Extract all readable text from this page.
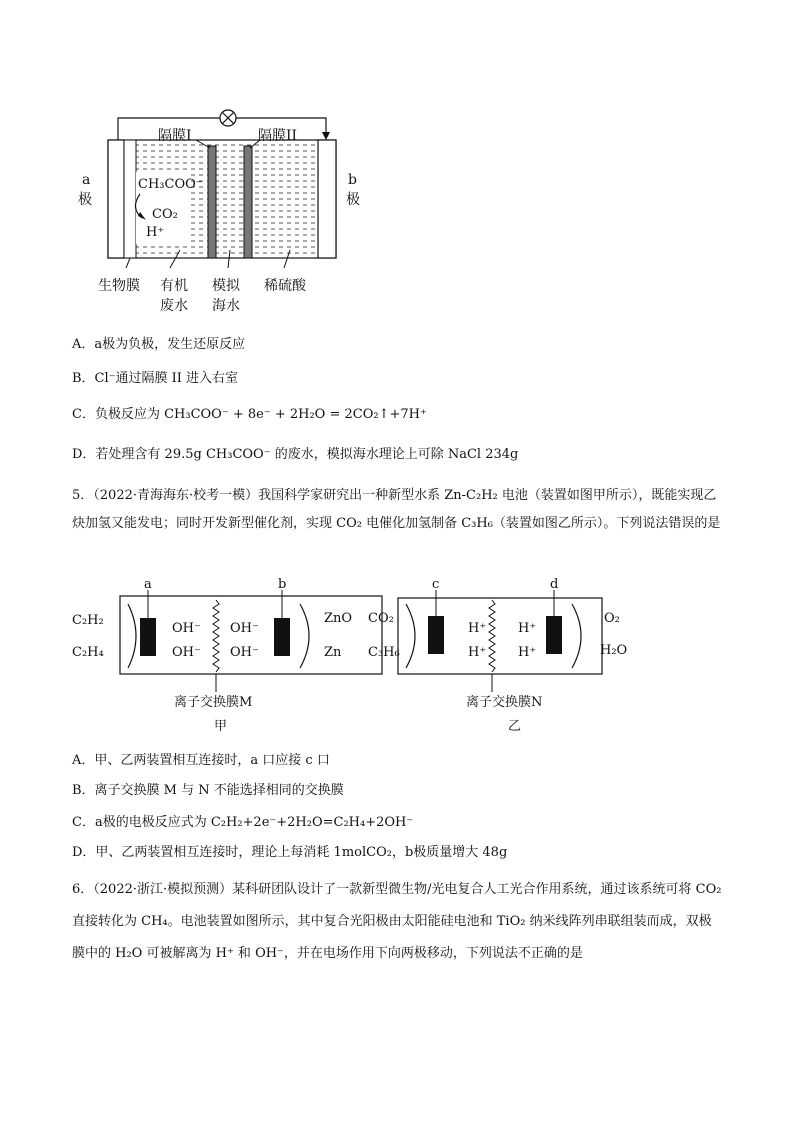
CH₃COO⁻
CO₂
H⁺
a
极
b
极
隔膜I	隔膜II
生物膜 有机
废水
模拟
海水
稀硫酸
A．a极为负极，发生还原反应
B．Cl⁻通过隔膜 II 进入右室
C．负极反应为 CH₃COO⁻ + 8e⁻ + 2H₂O = 2CO₂↑+7H⁺
D．若处理含有 29.5g CH₃COO⁻ 的废水，模拟海水理论上可除 NaCl 234g
5．（2022·青海海东·校考一模）我国科学家研究出一种新型水系 Zn-C₂H₂ 电池（装置如图甲所示），既能实现乙炔加氢又能发电；同时开发新型催化剂，实现 CO₂ 电催化加氢制备 C₃H₆（装置如图乙所示）。下列说法错误的是
a	b
C₂H₂
C₂H₄
OH⁻
OH⁻
OH⁻
OH⁻
ZnO
Zn
离子交换膜M
甲
c	d
CO₂
C₃H₆
H⁺
H⁺
H⁺
H⁺
O₂
H₂O
离子交换膜N
乙
A．甲、乙两装置相互连接时，a 口应接 c 口
B．离子交换膜 M 与 N 不能选择相同的交换膜
C．a极的电极反应式为 C₂H₂+2e⁻+2H₂O=C₂H₄+2OH⁻
D．甲、乙两装置相互连接时，理论上每消耗 1molCO₂，b极质量增大 48g
6．（2022·浙江·模拟预测）某科研团队设计了一款新型微生物/光电复合人工光合作用系统，通过该系统可将 CO₂ 直接转化为 CH₄。电池装置如图所示，其中复合光阳极由太阳能硅电池和 TiO₂ 纳米线阵列串联组装而成，双极膜中的 H₂O 可被解离为 H⁺ 和 OH⁻，并在电场作用下向两极移动，下列说法不正确的是
